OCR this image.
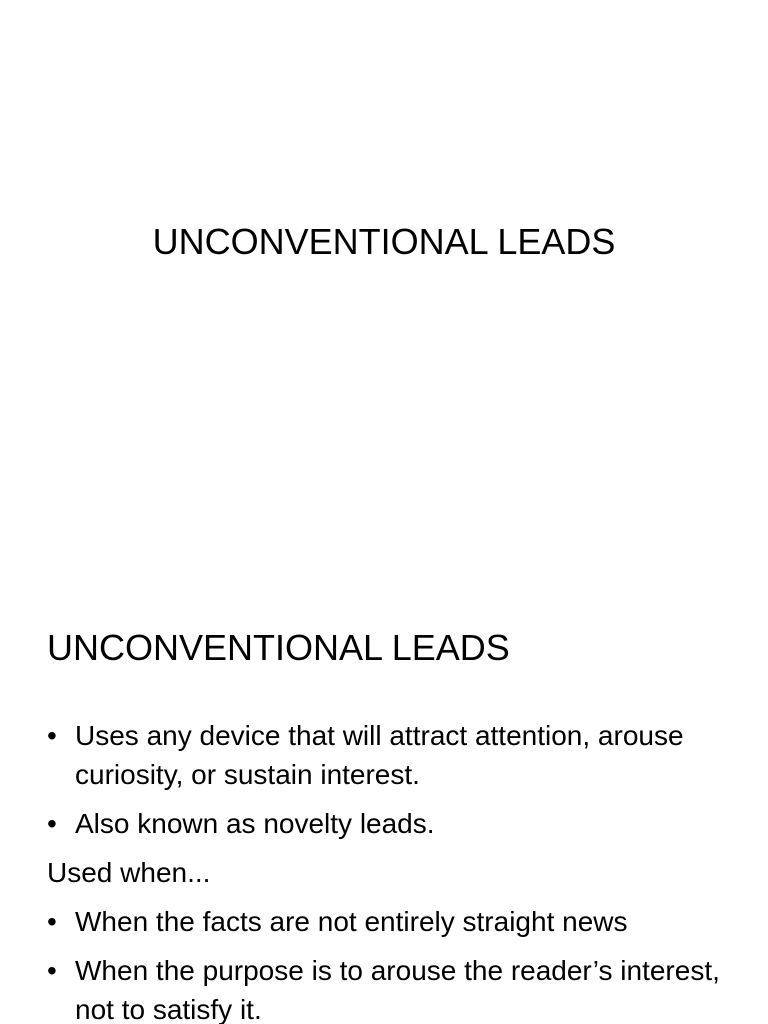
UNCONVENTIONAL LEADS
UNCONVENTIONAL LEADS

• Uses any device that will attract attention, arouse curiosity, or sustain interest.

• Also known as novelty leads.

Used when...

• When the facts are not entirely straight news

• When the purpose is to arouse the reader’s interest, not to satisfy it.
